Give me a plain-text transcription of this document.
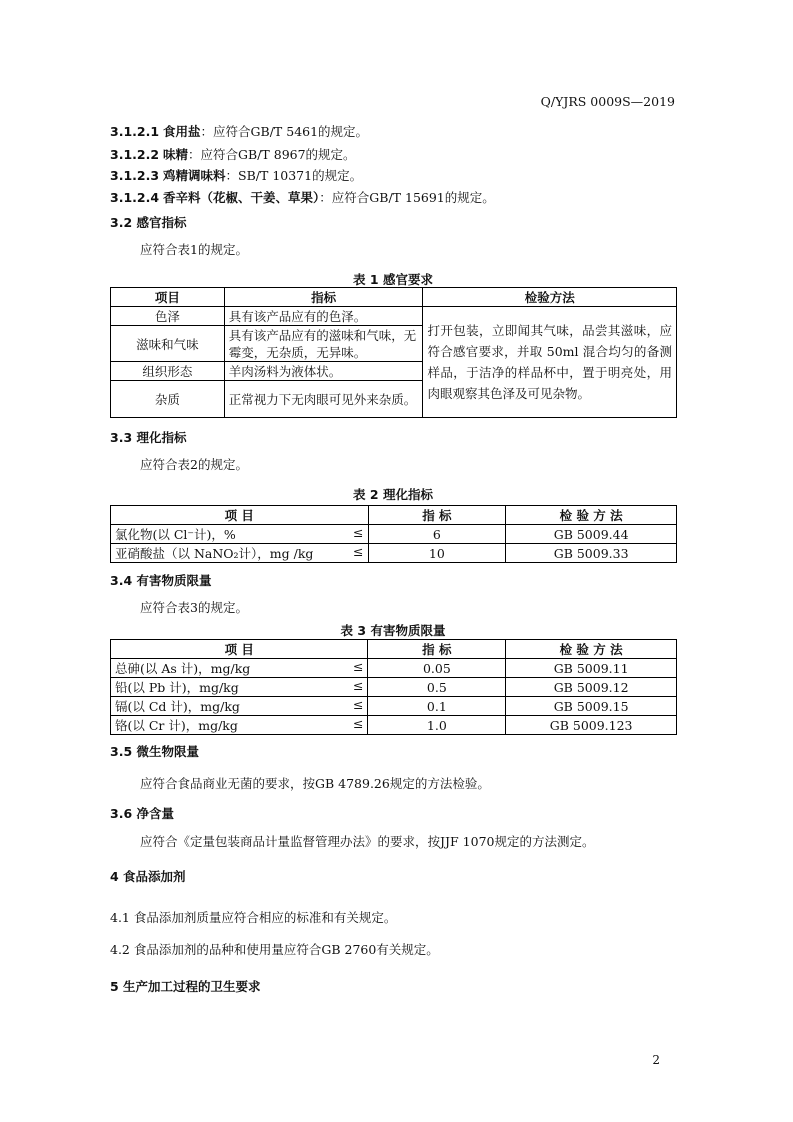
Q/YJRS 0009S—2019
3.1.2.1 食用盐：应符合GB/T 5461的规定。
3.1.2.2 味精：应符合GB/T 8967的规定。
3.1.2.3 鸡精调味料：SB/T 10371的规定。
3.1.2.4 香辛料（花椒、干姜、草果）：应符合GB/T 15691的规定。
3.2 感官指标
应符合表1的规定。
表 1 感官要求
项目	指标	检验方法
色泽	具有该产品应有的色泽。	打开包装，立即闻其气味，品尝其滋味，应符合感官要求，并取 50ml 混合均匀的备测样品，于洁净的样品杯中，置于明亮处，用肉眼观察其色泽及可见杂物。
滋味和气味	具有该产品应有的滋味和气味，无霉变，无杂质，无异味。	
组织形态	羊肉汤料为液体状。	
杂质	正常视力下无肉眼可见外来杂质。	
3.3 理化指标
应符合表2的规定。
表 2 理化指标
项 目	指 标	检 验 方 法
氯化物(以 Cl⁻计)，% ≤	6	GB 5009.44
亚硝酸盐（以 NaNO₂计），mg /kg ≤	10	GB 5009.33
3.4 有害物质限量
应符合表3的规定。
表 3 有害物质限量
项 目	指 标	检 验 方 法
总砷(以 As 计)，mg/kg ≤	0.05	GB 5009.11
铅(以 Pb 计)，mg/kg ≤	0.5	GB 5009.12
镉(以 Cd 计)，mg/kg ≤	0.1	GB 5009.15
铬(以 Cr 计)，mg/kg ≤	1.0	GB 5009.123
3.5 微生物限量
应符合食品商业无菌的要求，按GB 4789.26规定的方法检验。
3.6 净含量
应符合《定量包装商品计量监督管理办法》的要求，按JJF 1070规定的方法测定。
4 食品添加剂
4.1 食品添加剂质量应符合相应的标准和有关规定。
4.2 食品添加剂的品种和使用量应符合GB 2760有关规定。
5 生产加工过程的卫生要求
2
